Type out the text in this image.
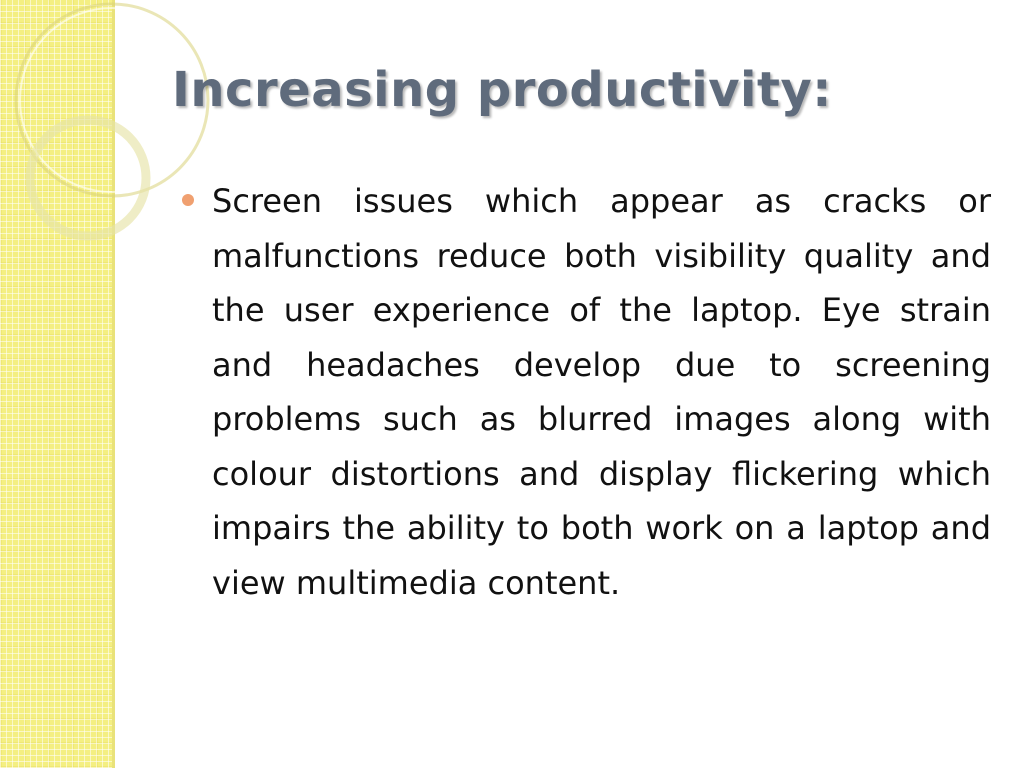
Increasing productivity:
Screen issues which appear as cracks or malfunctions reduce both visibility quality and the user experience of the laptop. Eye strain and headaches develop due to screening problems such as blurred images along with colour distortions and display flickering which impairs the ability to both work on a laptop and view multimedia content.
